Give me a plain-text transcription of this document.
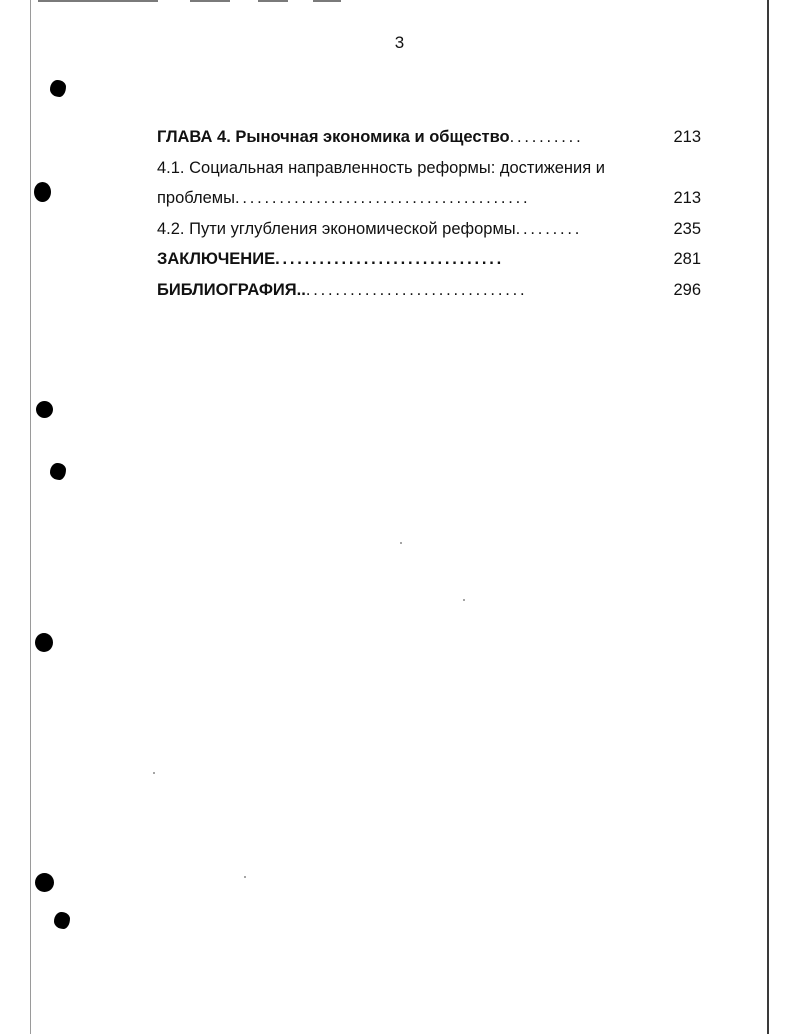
3
ГЛАВА 4. Рыночная экономика и общество..........	213
4.1. Социальная направленность реформы: достижения и
проблемы........................................	213
4.2. Пути углубления экономической реформы.........	235
ЗАКЛЮЧЕНИЕ...............................	281
БИБЛИОГРАФИЯ................................	296
